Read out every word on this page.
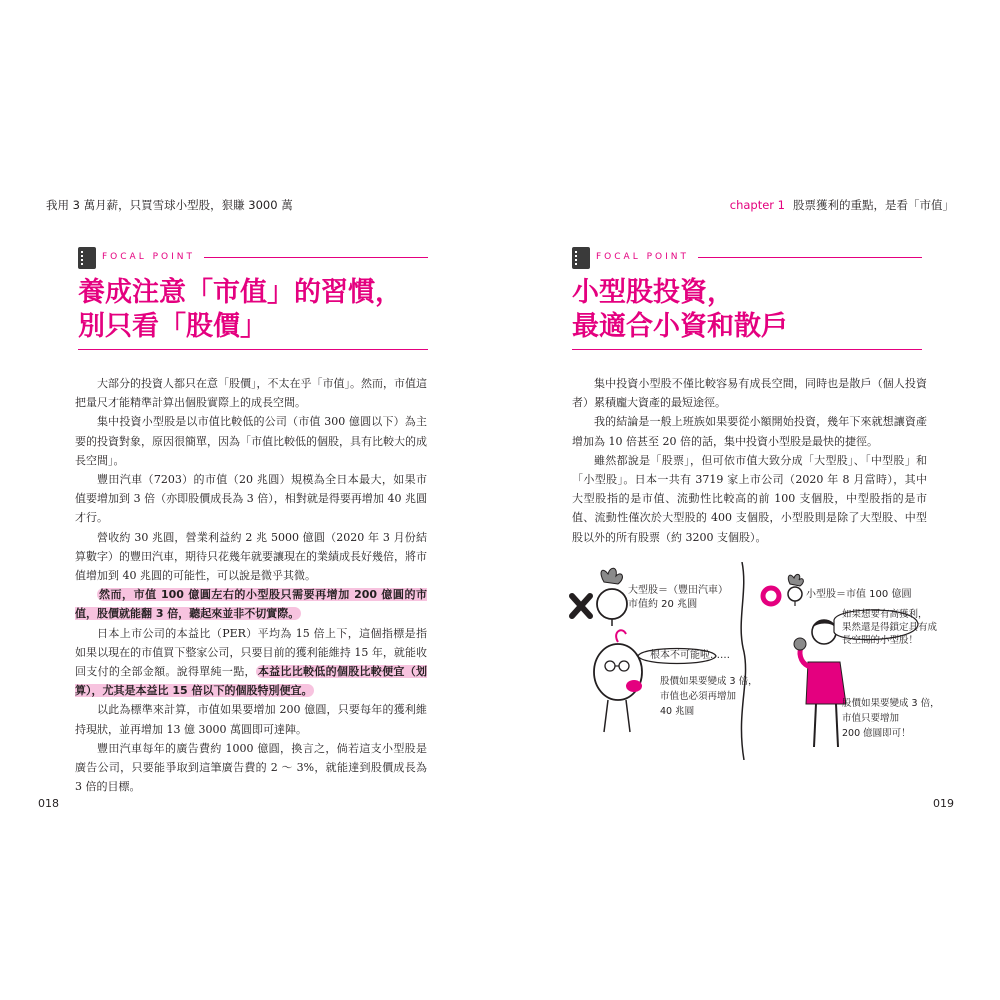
我用 3 萬月薪，只買雪球小型股，狠賺 3000 萬
FOCAL POINT
養成注意「市值」的習慣，
別只看「股價」

大部分的投資人都只在意「股價」，不太在乎「市值」。然而，市值這把量尺才能精準計算出個股實際上的成長空間。

集中投資小型股是以市值比較低的公司（市值 300 億圓以下）為主要的投資對象，原因很簡單，因為「市值比較低的個股，具有比較大的成長空間」。

豐田汽車（7203）的市值（20 兆圓）規模為全日本最大，如果市值要增加到 3 倍（亦即股價成長為 3 倍），相對就是得要再增加 40 兆圓才行。

營收約 30 兆圓，營業利益約 2 兆 5000 億圓（2020 年 3 月份結算數字）的豐田汽車，期待只花幾年就要讓現在的業績成長好幾倍，將市值增加到 40 兆圓的可能性，可以說是微乎其微。

然而，市值 100 億圓左右的小型股只需要再增加 200 億圓的市值，股價就能翻 3 倍，聽起來並非不切實際。

日本上市公司的本益比（PER）平均為 15 倍上下，這個指標是指如果以現在的市值買下整家公司，只要目前的獲利能維持 15 年，就能收回支付的全部金額。說得單純一點， 本益比比較低的個股比較便宜（划算），尤其是本益比 15 倍以下的個股特別便宜。

以此為標準來計算，市值如果要增加 200 億圓，只要每年的獲利維持現狀，並再增加 13 億 3000 萬圓即可達陣。

豐田汽車每年的廣告費約 1000 億圓，換言之，倘若這支小型股是廣告公司，只要能爭取到這筆廣告費的 2 ～ 3%，就能達到股價成長為 3 倍的目標。

018
chapter 1 股票獲利的重點，是看「市值」
FOCAL POINT
小型股投資，
最適合小資和散戶

集中投資小型股不僅比較容易有成長空間，同時也是散戶（個人投資者）累積龐大資產的最短途徑。

我的結論是一般上班族如果要從小額開始投資，幾年下來就想讓資產增加為 10 倍甚至 20 倍的話，集中投資小型股是最快的捷徑。

雖然都說是「股票」，但可依市值大致分成「大型股」、「中型股」和「小型股」。日本一共有 3719 家上市公司（2020 年 8 月當時），其中大型股指的是市值、流動性比較高的前 100 支個股，中型股指的是市值、流動性僅次於大型股的 400 支個股，小型股則是除了大型股、中型股以外的所有股票（約 3200 支個股）。

大型股＝（豐田汽車）
市值約 20 兆圓
小型股＝市值 100 億圓
根本不可能啦……
股價如果要變成 3 倍，
市值也必須再增加
40 兆圓
如果想要有高獲利，
果然還是得鎖定具有成
長空間的小型股！
股價如果要變成 3 倍，
市值只要增加
200 億圓即可！
019
